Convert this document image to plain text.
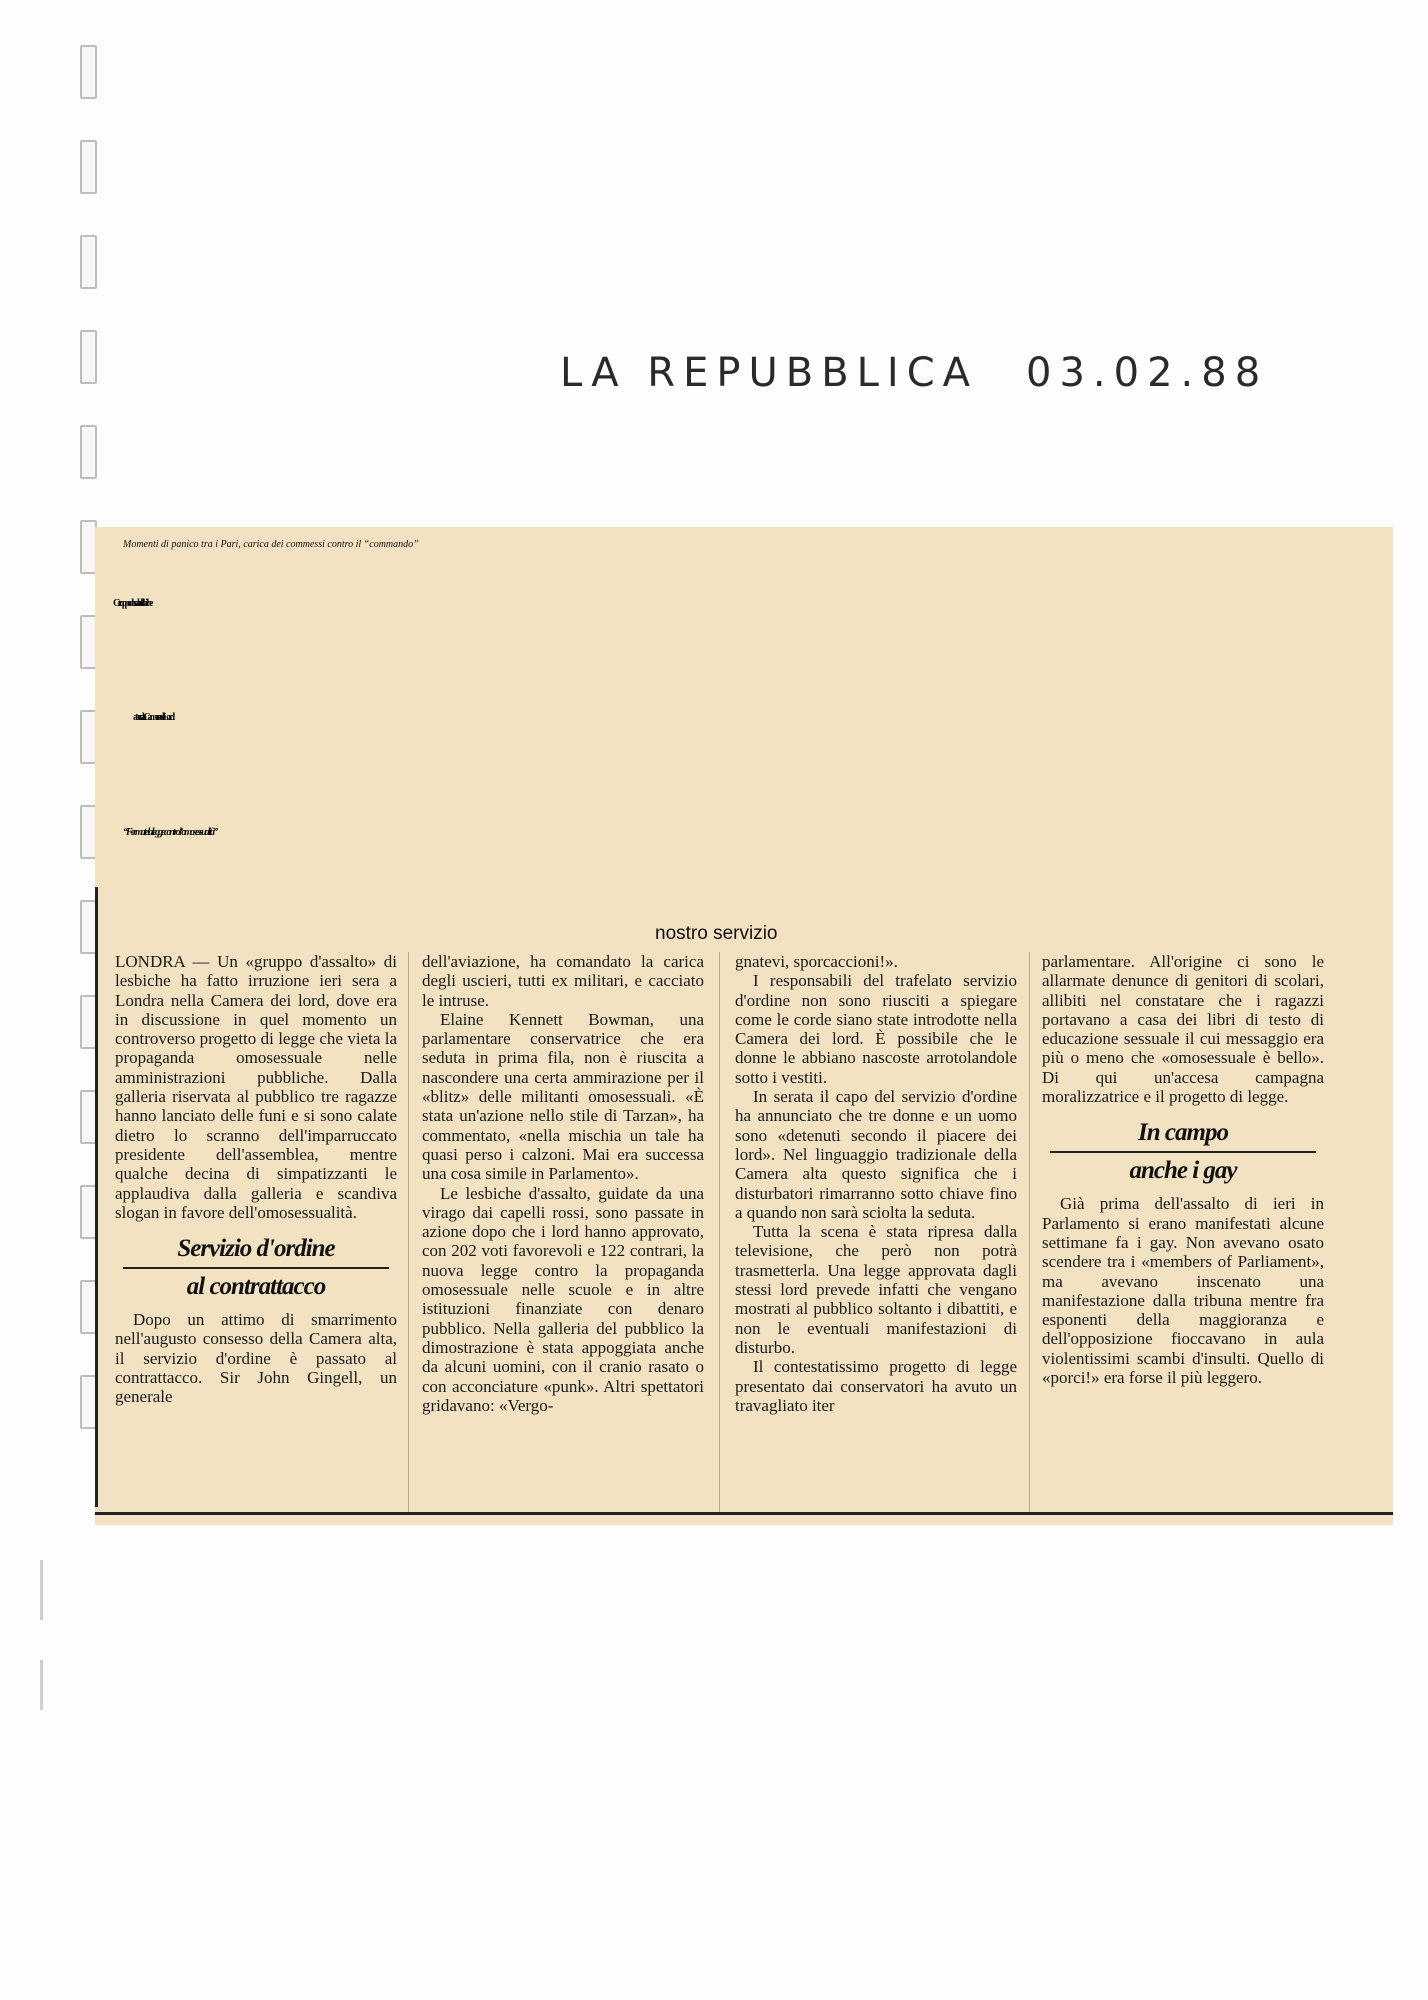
LA REPUBBLICA 03.02.88
Momenti di panico tra i Pari, carica dei commessi contro il “commando”
Gruppo d’assalto di lesbiche
attacca la Camera dei Lord
“Fermate la legge contro l’omosessualità”
nostro servizio

LONDRA — Un «gruppo d'assalto» di lesbiche ha fatto irruzione ieri sera a Londra nella Camera dei lord, dove era in discussione in quel momento un controverso progetto di legge che vieta la propaganda omosessuale nelle amministrazioni pubbliche. Dalla galleria riservata al pubblico tre ragazze hanno lanciato delle funi e si sono calate dietro lo scranno dell'imparruccato presidente dell'assemblea, mentre qualche decina di simpatizzanti le applaudiva dalla galleria e scandiva slogan in favore dell'omosessualità.

Servizio d'ordine
al contrattacco

Dopo un attimo di smarrimento nell'augusto consesso della Camera alta, il servizio d'ordine è passato al contrattacco. Sir John Gingell, un generale

dell'aviazione, ha comandato la carica degli uscieri, tutti ex militari, e cacciato le intruse.

Elaine Kennett Bowman, una parlamentare conservatrice che era seduta in prima fila, non è riuscita a nascondere una certa ammirazione per il «blitz» delle militanti omosessuali. «È stata un'azione nello stile di Tarzan», ha commentato, «nella mischia un tale ha quasi perso i calzoni. Mai era successa una cosa simile in Parlamento».

Le lesbiche d'assalto, guidate da una virago dai capelli rossi, sono passate in azione dopo che i lord hanno approvato, con 202 voti favorevoli e 122 contrari, la nuova legge contro la propaganda omosessuale nelle scuole e in altre istituzioni finanziate con denaro pubblico. Nella galleria del pubblico la dimostrazione è stata appoggiata anche da alcuni uomini, con il cranio rasato o con acconciature «punk». Altri spettatori gridavano: «Vergo-

gnatevi, sporcaccioni!».

I responsabili del trafelato servizio d'ordine non sono riusciti a spiegare come le corde siano state introdotte nella Camera dei lord. È possibile che le donne le abbiano nascoste arrotolandole sotto i vestiti.

In serata il capo del servizio d'ordine ha annunciato che tre donne e un uomo sono «detenuti secondo il piacere dei lord». Nel linguaggio tradizionale della Camera alta questo significa che i disturbatori rimarranno sotto chiave fino a quando non sarà sciolta la seduta.

Tutta la scena è stata ripresa dalla televisione, che però non potrà trasmetterla. Una legge approvata dagli stessi lord prevede infatti che vengano mostrati al pubblico soltanto i dibattiti, e non le eventuali manifestazioni di disturbo.

Il contestatissimo progetto di legge presentato dai conservatori ha avuto un travagliato iter

parlamentare. All'origine ci sono le allarmate denunce di genitori di scolari, allibiti nel constatare che i ragazzi portavano a casa dei libri di testo di educazione sessuale il cui messaggio era più o meno che «omosessuale è bello». Di qui un'accesa campagna moralizzatrice e il progetto di legge.

In campo
anche i gay

Già prima dell'assalto di ieri in Parlamento si erano manifestati alcune settimane fa i gay. Non avevano osato scendere tra i «members of Parliament», ma avevano inscenato una manifestazione dalla tribuna mentre fra esponenti della maggioranza e dell'opposizione fioccavano in aula violentissimi scambi d'insulti. Quello di «porci!» era forse il più leggero.
